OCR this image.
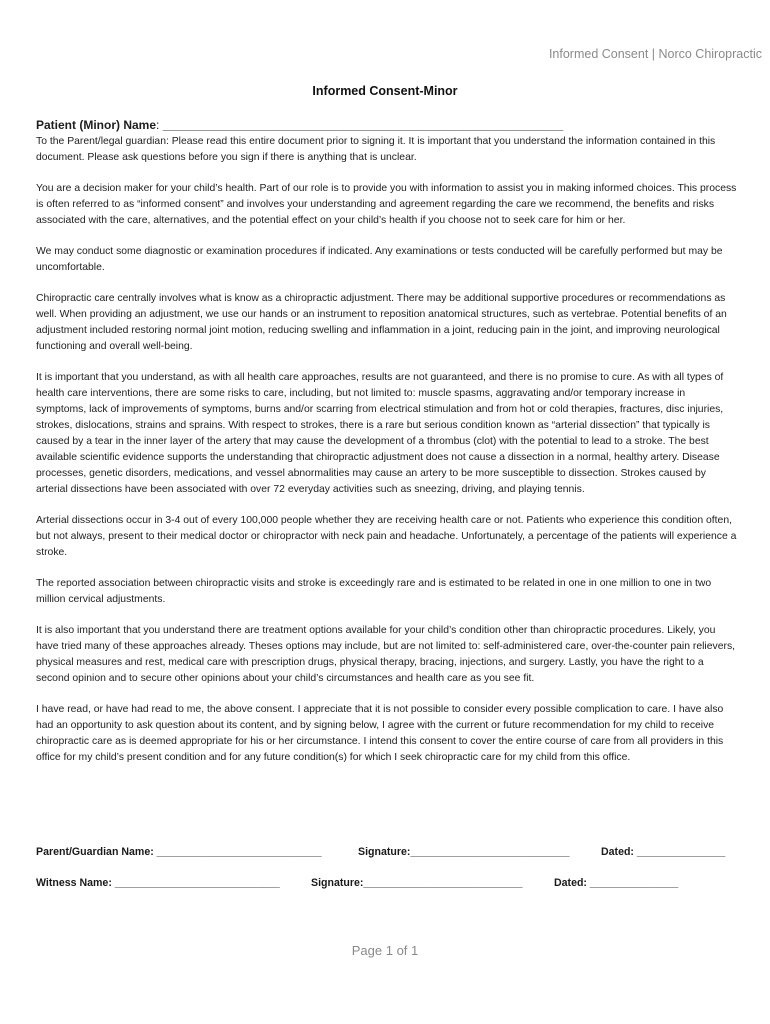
Informed Consent | Norco Chiropractic
Informed Consent-Minor
Patient (Minor) Name: ____________________________________________________________

To the Parent/legal guardian: Please read this entire document prior to signing it. It is important that you understand the information contained in this document. Please ask questions before you sign if there is anything that is unclear.

You are a decision maker for your child’s health. Part of our role is to provide you with information to assist you in making informed choices. This process is often referred to as “informed consent” and involves your understanding and agreement regarding the care we recommend, the benefits and risks associated with the care, alternatives, and the potential effect on your child’s health if you choose not to seek care for him or her.

We may conduct some diagnostic or examination procedures if indicated. Any examinations or tests conducted will be carefully performed but may be uncomfortable.

Chiropractic care centrally involves what is know as a chiropractic adjustment. There may be additional supportive procedures or recommendations as well. When providing an adjustment, we use our hands or an instrument to reposition anatomical structures, such as vertebrae. Potential benefits of an adjustment included restoring normal joint motion, reducing swelling and inflammation in a joint, reducing pain in the joint, and improving neurological functioning and overall well-being.

It is important that you understand, as with all health care approaches, results are not guaranteed, and there is no promise to cure. As with all types of health care interventions, there are some risks to care, including, but not limited to: muscle spasms, aggravating and/or temporary increase in symptoms, lack of improvements of symptoms, burns and/or scarring from electrical stimulation and from hot or cold therapies, fractures, disc injuries, strokes, dislocations, strains and sprains. With respect to strokes, there is a rare but serious condition known as “arterial dissection” that typically is caused by a tear in the inner layer of the artery that may cause the development of a thrombus (clot) with the potential to lead to a stroke. The best available scientific evidence supports the understanding that chiropractic adjustment does not cause a dissection in a normal, healthy artery. Disease processes, genetic disorders, medications, and vessel abnormalities may cause an artery to be more susceptible to dissection. Strokes caused by arterial dissections have been associated with over 72 everyday activities such as sneezing, driving, and playing tennis.

Arterial dissections occur in 3-4 out of every 100,000 people whether they are receiving health care or not. Patients who experience this condition often, but not always, present to their medical doctor or chiropractor with neck pain and headache. Unfortunately, a percentage of the patients will experience a stroke.

The reported association between chiropractic visits and stroke is exceedingly rare and is estimated to be related in one in one million to one in two million cervical adjustments.

It is also important that you understand there are treatment options available for your child’s condition other than chiropractic procedures. Likely, you have tried many of these approaches already. Theses options may include, but are not limited to: self-administered care, over-the-counter pain relievers, physical measures and rest, medical care with prescription drugs, physical therapy, bracing, injections, and surgery. Lastly, you have the right to a second opinion and to secure other opinions about your child’s circumstances and health care as you see fit.

I have read, or have had read to me, the above consent. I appreciate that it is not possible to consider every possible complication to care. I have also had an opportunity to ask question about its content, and by signing below, I agree with the current or future recommendation for my child to receive chiropractic care as is deemed appropriate for his or her circumstance. I intend this consent to cover the entire course of care from all providers in this office for my child’s present condition and for any future condition(s) for which I seek chiropractic care for my child from this office.

Parent/Guardian Name: ____________________________	Signature:___________________________	Dated: _______________
Witness Name: ____________________________	Signature:___________________________	Dated: _______________
Page 1 of 1
